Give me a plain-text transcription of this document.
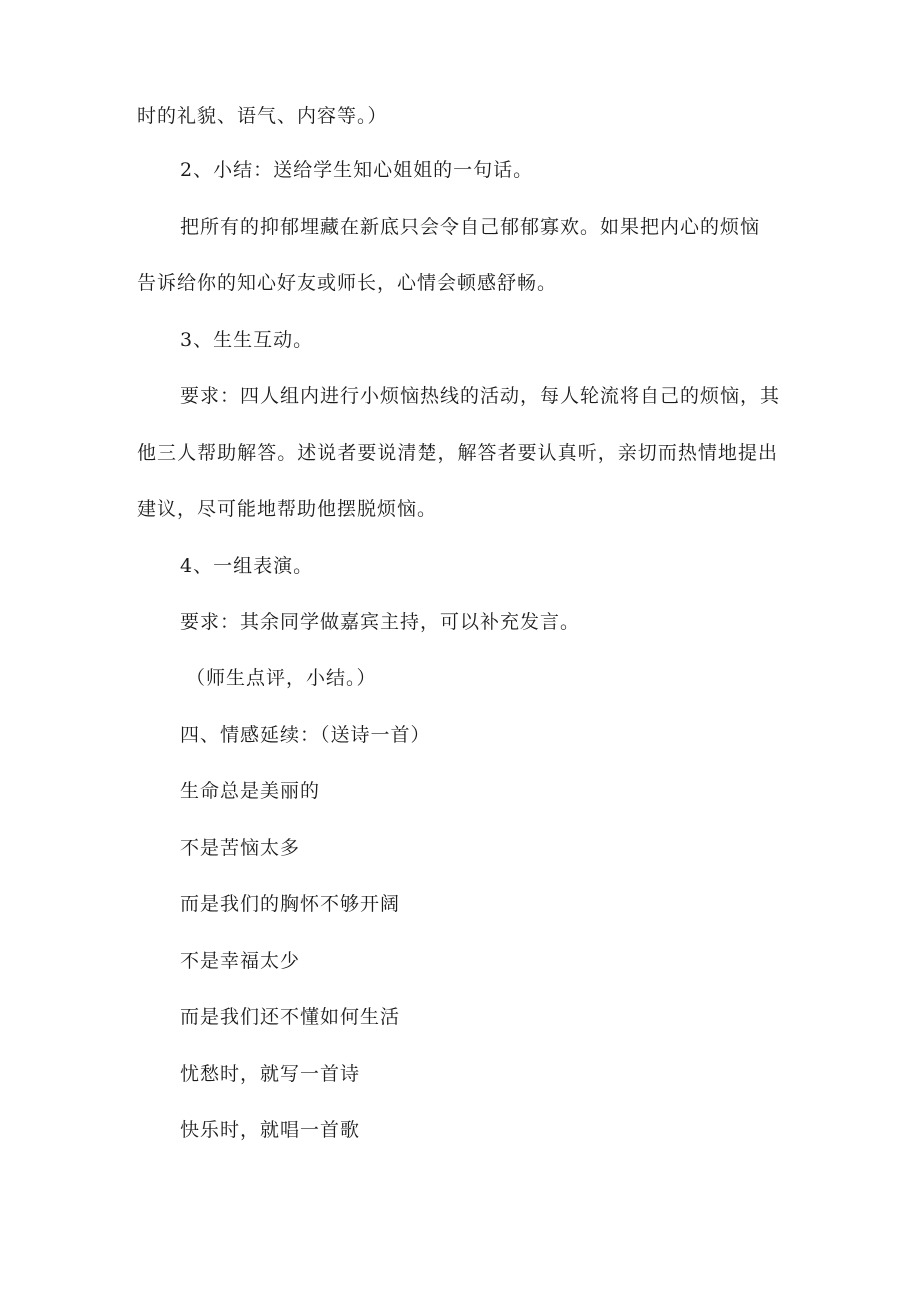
时的礼貌、语气、内容等。）
2、小结：送给学生知心姐姐的一句话。
把所有的抑郁埋藏在新底只会令自己郁郁寡欢。如果把内心的烦恼
告诉给你的知心好友或师长，心情会顿感舒畅。
3、生生互动。
要求：四人组内进行小烦恼热线的活动，每人轮流将自己的烦恼，其
他三人帮助解答。述说者要说清楚，解答者要认真听，亲切而热情地提出
建议，尽可能地帮助他摆脱烦恼。
4、一组表演。
要求：其余同学做嘉宾主持，可以补充发言。
（师生点评，小结。）
四、情感延续：（送诗一首）
生命总是美丽的
不是苦恼太多
而是我们的胸怀不够开阔
不是幸福太少
而是我们还不懂如何生活
忧愁时，就写一首诗
快乐时，就唱一首歌
